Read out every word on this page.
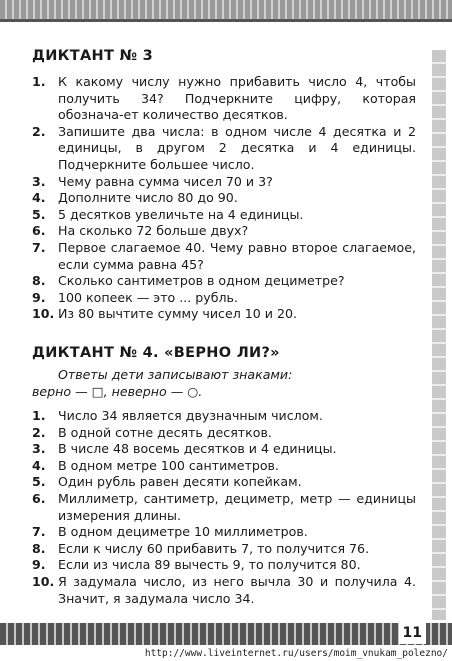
ДИКТАНТ № 3
1. К какому числу нужно прибавить число 4, чтобы получить 34? Подчеркните цифру, которая обознача-ет количество десятков.
2. Запишите два числа: в одном числе 4 десятка и 2 единицы, в другом 2 десятка и 4 единицы. Подчеркните большее число.
3. Чему равна сумма чисел 70 и 3?
4. Дополните число 80 до 90.
5. 5 десятков увеличьте на 4 единицы.
6. На сколько 72 больше двух?
7. Первое слагаемое 40. Чему равно второе слагаемое, если сумма равна 45?
8. Сколько сантиметров в одном дециметре?
9. 100 копеек — это ... рубль.
10. Из 80 вычтите сумму чисел 10 и 20.
ДИКТАНТ № 4. «ВЕРНО ЛИ?»
Ответы дети записывают знаками:
верно — □, неверно — ○.
1. Число 34 является двузначным числом.
2. В одной сотне десять десятков.
3. В числе 48 восемь десятков и 4 единицы.
4. В одном метре 100 сантиметров.
5. Один рубль равен десяти копейкам.
6. Миллиметр, сантиметр, дециметр, метр — единицы измерения длины.
7. В одном дециметре 10 миллиметров.
8. Если к числу 60 прибавить 7, то получится 76.
9. Если из числа 89 вычесть 9, то получится 80.
10. Я задумала число, из него вычла 30 и получила 4. Значит, я задумала число 34.
11
http://www.liveinternet.ru/users/moim_vnukam_polezno/
